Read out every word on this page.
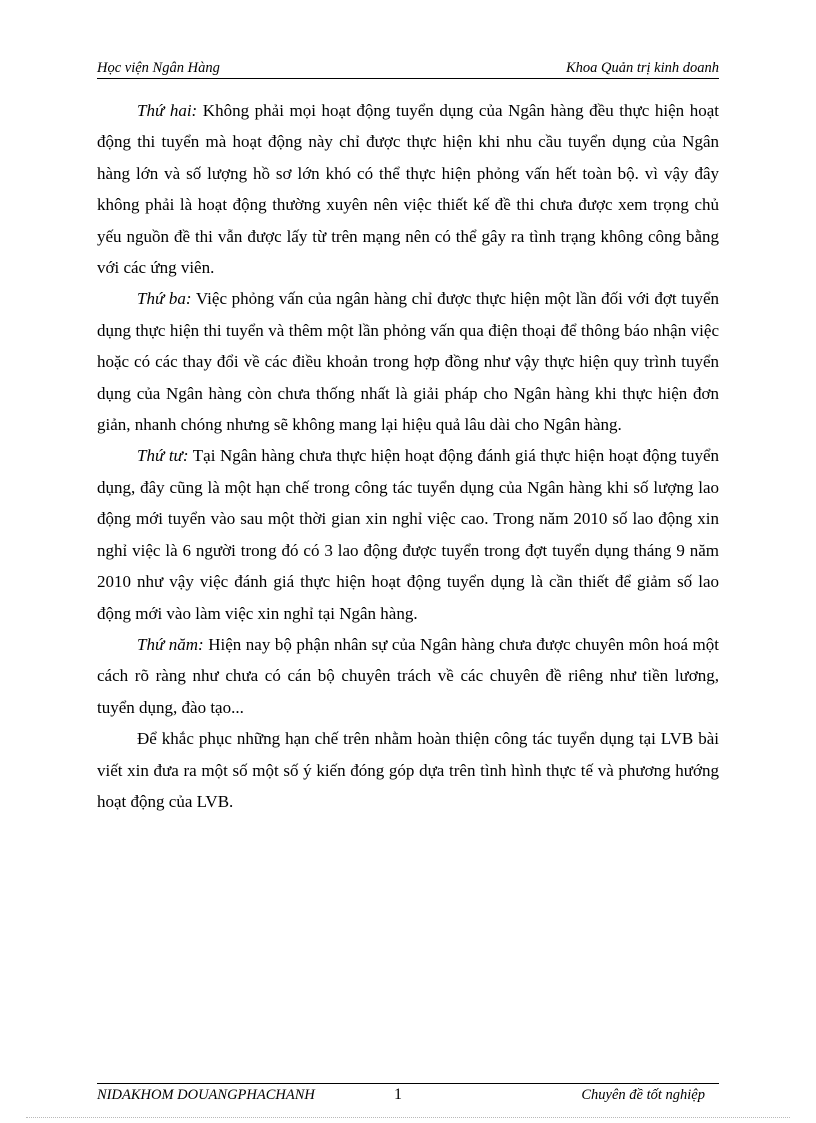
Học viện Ngân Hàng	Khoa Quản trị kinh doanh

Thứ hai: Không phải mọi hoạt động tuyển dụng của Ngân hàng đều thực hiện hoạt động thi tuyển mà hoạt động này chỉ được thực hiện khi nhu cầu tuyển dụng của Ngân hàng lớn và số lượng hồ sơ lớn khó có thể thực hiện phỏng vấn hết toàn bộ. vì vậy đây không phải là hoạt động thường xuyên nên việc thiết kế đề thi chưa được xem trọng chủ yếu nguồn đề thi vẫn được lấy từ trên mạng nên có thể gây ra tình trạng không công bằng với các ứng viên.

Thứ ba: Việc phỏng vấn của ngân hàng chỉ được thực hiện một lần đối với đợt tuyển dụng thực hiện thi tuyển và thêm một lần phỏng vấn qua điện thoại để thông báo nhận việc hoặc có các thay đổi về các điều khoản trong hợp đồng như vậy thực hiện quy trình tuyển dụng của Ngân hàng còn chưa thống nhất là giải pháp cho Ngân hàng khi thực hiện đơn giản, nhanh chóng nhưng sẽ không mang lại hiệu quả lâu dài cho Ngân hàng.

Thứ tư: Tại Ngân hàng chưa thực hiện hoạt động đánh giá thực hiện hoạt động tuyển dụng, đây cũng là một hạn chế trong công tác tuyển dụng của Ngân hàng khi số lượng lao động mới tuyển vào sau một thời gian xin nghỉ việc cao. Trong năm 2010 số lao động xin nghỉ việc là 6 người trong đó có 3 lao động được tuyển trong đợt tuyển dụng tháng 9 năm 2010 như vậy việc đánh giá thực hiện hoạt động tuyển dụng là cần thiết để giảm số lao động mới vào làm việc xin nghỉ tại Ngân hàng.

Thứ năm: Hiện nay bộ phận nhân sự của Ngân hàng chưa được chuyên môn hoá một cách rõ ràng như chưa có cán bộ chuyên trách về các chuyên đề riêng như tiền lương, tuyển dụng, đào tạo...

Để khắc phục những hạn chế trên nhằm hoàn thiện công tác tuyển dụng tại LVB bài viết xin đưa ra một số một số ý kiến đóng góp dựa trên tình hình thực tế và phương hướng hoạt động của LVB.

NIDAKHOM DOUANGPHACHANH	1	Chuyên đề tốt nghiệp
